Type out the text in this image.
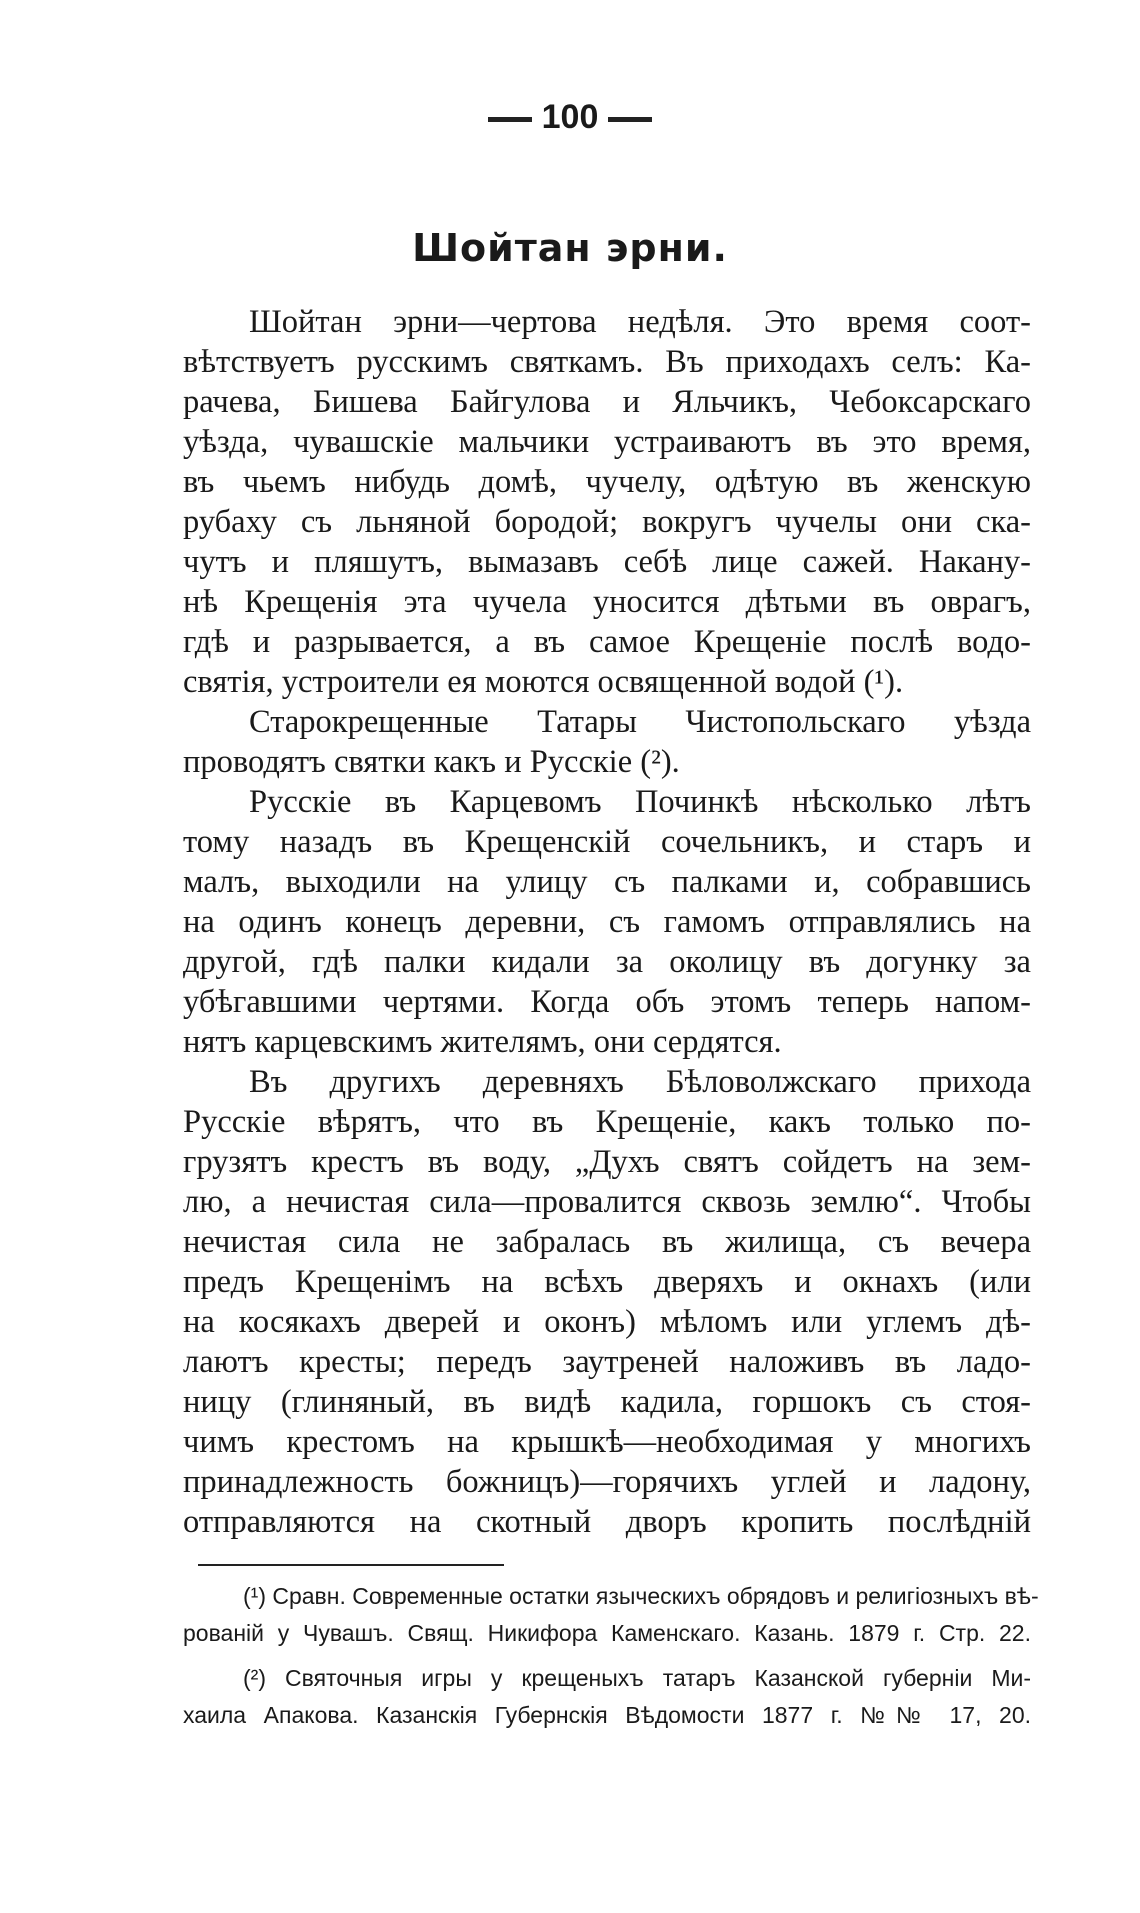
100
Шойтан эрни.
Шойтан эрни—чертова недѣля. Это время соот-
вѣтствуетъ русскимъ святкамъ. Въ приходахъ селъ: Ка-
рачева, Бишева Байгулова и Яльчикъ, Чебоксарскаго
уѣзда, чувашскiе мальчики устраиваютъ въ это время,
въ чьемъ нибудь домѣ, чучелу, одѣтую въ женскую
рубаху съ льняной бородой; вокругъ чучелы они ска-
чутъ и пляшутъ, вымазавъ себѣ лице сажей. Наканy-
нѣ Крещенiя эта чучела уносится дѣтьми въ оврагъ,
гдѣ и разрывается, а въ самое Крещенiе послѣ водо-
святiя, устроители ея моются освященной водой (¹).
Старокрещенные Татары Чистопольскаго уѣзда
проводятъ святки какъ и Русскiе (²).
Русскiе въ Карцевомъ Починкѣ нѣсколько лѣтъ
тому назадъ въ Крещенскiй сочельникъ, и старъ и
малъ, выходили на улицу съ палками и, собравшись
на одинъ конецъ деревни, съ гамомъ отправлялись на
другой, гдѣ палки кидали за околицу въ догунку за
убѣгавшими чертями. Когда объ этомъ теперь напом-
нятъ карцевскимъ жителямъ, они сердятся.
Въ другихъ деревняхъ Бѣловолжскаго прихода
Русскiе вѣрятъ, что въ Крещенiе, какъ только по-
грузятъ крестъ въ воду, „Духъ святъ сойдетъ на зем-
лю, а нечистая сила—провалится сквозь землю“. Чтобы
нечистая сила не забралась въ жилища, съ вечера
предъ Крещенiмъ на всѣхъ дверяхъ и окнахъ (или
на косякахъ дверей и оконъ) мѣломъ или углемъ дѣ-
лаютъ кресты; передъ заутреней наложивъ въ ладо-
ницу (глиняный, въ видѣ кадила, горшокъ съ стоя-
чимъ крестомъ на крышкѣ—необходимая у многихъ
принадлежность божницъ)—горячихъ углей и ладону,
отправляются на скотный дворъ кропить послѣднiй
(¹) Сравн. Современные остатки языческихъ обрядовъ и религiозныхъ вѣ-
рованiй у Чувашъ. Свящ. Никифора Каменскаго. Казань. 1879 г. Стр. 22.
(²) Святочныя игры у крещеныхъ татаръ Казанской губернiи Ми-
хаила Апакова. Казанскiя Губернскiя Вѣдомости 1877 г. №№ 17, 20.
